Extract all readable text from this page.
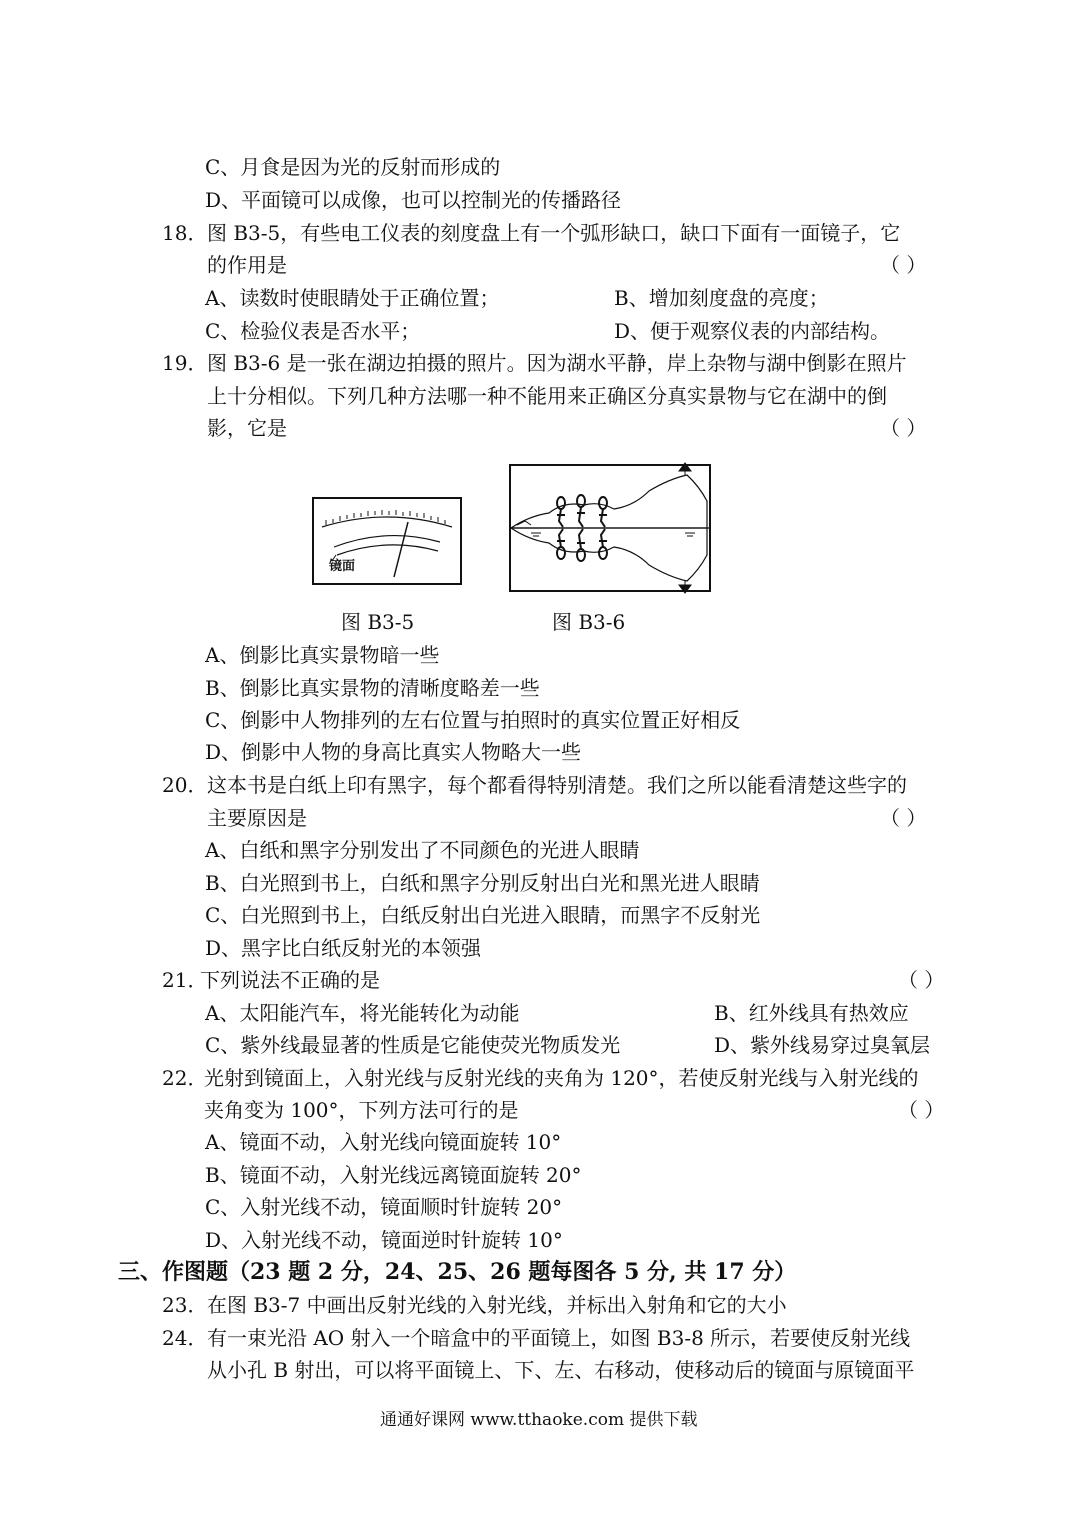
C、月食是因为光的反射而形成的
D、平面镜可以成像，也可以控制光的传播路径
18． 图 B3-5，有些电工仪表的刻度盘上有一个弧形缺口，缺口下面有一面镜子，它
的作用是	（ ）
A、读数时使眼睛处于正确位置；	B、增加刻度盘的亮度；
C、检验仪表是否水平；	D、便于观察仪表的内部结构。
19． 图 B3-6 是一张在湖边拍摄的照片。因为湖水平静，岸上杂物与湖中倒影在照片
上十分相似。下列几种方法哪一种不能用来正确区分真实景物与它在湖中的倒
影，它是	（ ）
镜面
图 B3-5	图 B3-6
A、倒影比真实景物暗一些
B、倒影比真实景物的清晰度略差一些
C、倒影中人物排列的左右位置与拍照时的真实位置正好相反
D、倒影中人物的身高比真实人物略大一些
20． 这本书是白纸上印有黑字，每个都看得特别清楚。我们之所以能看清楚这些字的
主要原因是	（ ）
A、白纸和黑字分别发出了不同颜色的光进人眼睛
B、白光照到书上，白纸和黑字分别反射出白光和黑光进人眼睛
C、白光照到书上，白纸反射出白光进入眼睛，而黑字不反射光
D、黑字比白纸反射光的本领强
21．
下列说法不正确的是	（ ）
A、太阳能汽车，将光能转化为动能	B、红外线具有热效应
C、紫外线最显著的性质是它能使荧光物质发光	D、紫外线易穿过臭氧层
22．
光射到镜面上，入射光线与反射光线的夹角为 120°，若使反射光线与入射光线的
夹角变为 100°，下列方法可行的是	（ ）
A、镜面不动，入射光线向镜面旋转 10°
B、镜面不动，入射光线远离镜面旋转 20°
C、入射光线不动，镜面顺时针旋转 20°
D、入射光线不动，镜面逆时针旋转 10°
三、作图题（23 题 2 分，24、25、26 题每图各 5 分, 共 17 分）
23． 在图 B3-7 中画出反射光线的入射光线，并标出入射角和它的大小
24． 有一束光沿 AO 射入一个暗盒中的平面镜上，如图 B3-8 所示，若要使反射光线
从小孔 B 射出，可以将平面镜上、下、左、右移动，使移动后的镜面与原镜面平
通通好课网 www.tthaoke.com 提供下载
